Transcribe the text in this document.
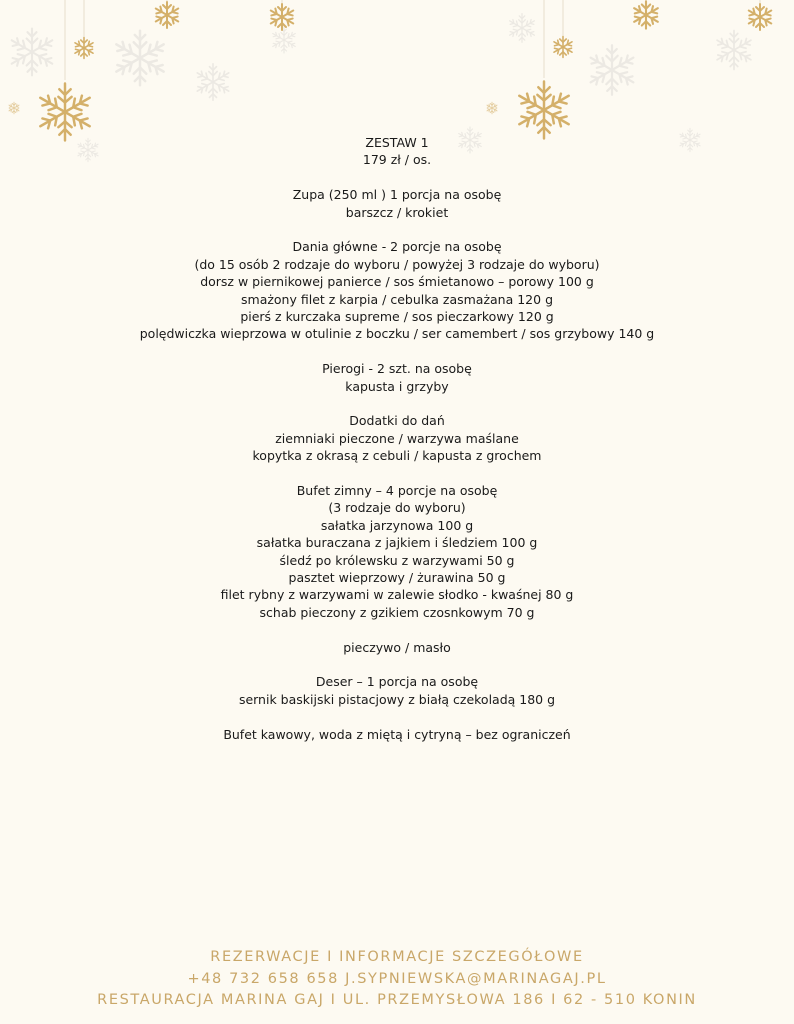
ZESTAW 1
179 zł / os.
Zupa (250 ml ) 1 porcja na osobę
barszcz / krokiet
Dania główne - 2 porcje na osobę
(do 15 osób 2 rodzaje do wyboru / powyżej 3 rodzaje do wyboru)
dorsz w piernikowej panierce / sos śmietanowo – porowy 100 g
smażony filet z karpia / cebulka zasmażana 120 g
pierś z kurczaka supreme / sos pieczarkowy 120 g
polędwiczka wieprzowa w otulinie z boczku / ser camembert / sos grzybowy 140 g
Pierogi - 2 szt. na osobę
kapusta i grzyby
Dodatki do dań
ziemniaki pieczone / warzywa maślane
kopytka z okrasą z cebuli / kapusta z grochem
Bufet zimny – 4 porcje na osobę
(3 rodzaje do wyboru)
sałatka jarzynowa 100 g
sałatka buraczana z jajkiem i śledziem 100 g
śledź po królewsku z warzywami 50 g
pasztet wieprzowy / żurawina 50 g
filet rybny z warzywami w zalewie słodko - kwaśnej 80 g
schab pieczony z gzikiem czosnkowym 70 g
pieczywo / masło
Deser – 1 porcja na osobę
sernik baskijski pistacjowy z białą czekoladą 180 g
Bufet kawowy, woda z miętą i cytryną – bez ograniczeń
REZERWACJE I INFORMACJE SZCZEGÓŁOWE
+48 732 658 658 J.SYPNIEWSKA@MARINAGAJ.PL
RESTAURACJA MARINA GAJ I UL. PRZEMYSŁOWA 186 I 62 - 510 KONIN
